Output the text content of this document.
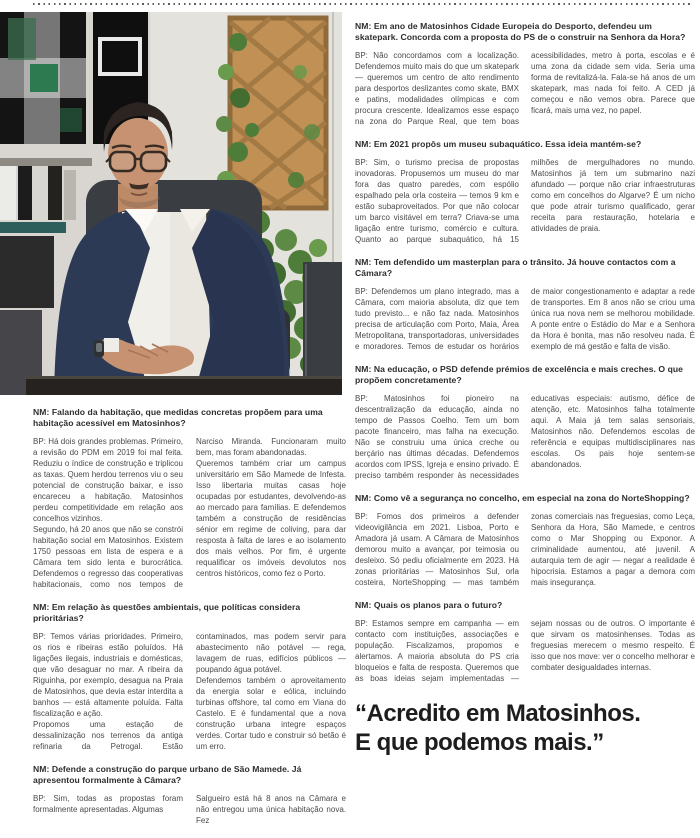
NM: Falando da habitação, que medidas concretas propõem para uma habitação acessível em Matosinhos?

BP: Há dois grandes problemas. Primeiro, a revisão do PDM em 2019 foi mal feita. Reduziu o índice de construção e triplicou as taxas. Quem herdou terrenos viu o seu potencial de construção baixar, e isso encareceu a habitação. Matosinhos perdeu competitividade em relação aos concelhos vizinhos.

Segundo, há 20 anos que não se constrói habitação social em Matosinhos. Existem 1750 pessoas em lista de espera e a Câmara tem sido lenta e burocrática. Defendemos o regresso das cooperativas habitacionais, como nos tempos de Narciso Miranda. Funcionaram muito bem, mas foram abandonadas.

Queremos também criar um campus universitário em São Mamede de Infesta. Isso libertaria muitas casas hoje ocupadas por estudantes, devolvendo-as ao mercado para famílias. E defendemos também a construção de residências sénior em regime de coliving, para dar resposta à falta de lares e ao isolamento dos mais velhos. Por fim, é urgente requalificar os imóveis devolutos nos centros históricos, como fez o Porto.

NM: Em relação às questões ambientais, que políticas considera prioritárias?

BP: Temos várias prioridades. Primeiro, os rios e ribeiras estão poluídos. Há ligações ilegais, industriais e domésticas, que vão desaguar no mar. A ribeira da Riguinha, por exemplo, desagua na Praia de Matosinhos, que devia estar interdita a banhos — está altamente poluída. Falta fiscalização e ação.

Propomos uma estação de dessalinização nos terrenos da antiga refinaria da Petrogal. Estão contaminados, mas podem servir para abastecimento não potável — rega, lavagem de ruas, edifícios públicos — poupando água potável.

Defendemos também o aproveitamento da energia solar e eólica, incluindo turbinas offshore, tal como em Viana do Castelo. E é fundamental que a nova construção urbana integre espaços verdes. Cortar tudo e construir só betão é um erro.

NM: Defende a construção do parque urbano de São Mamede. Já apresentou formalmente à Câmara?

BP: Sim, todas as propostas foram formalmente apresentadas. Algumas

Salgueiro está há 8 anos na Câmara e não entregou uma única habitação nova. Fez

NM: Em ano de Matosinhos Cidade Europeia do Desporto, defendeu um skatepark. Concorda com a proposta do PS de o construir na Senhora da Hora?

BP: Não concordamos com a localização. Defendemos muito mais do que um skatepark — queremos um centro de alto rendimento para desportos deslizantes como skate, BMX e patins, modalidades olímpicas e com procura crescente. Idealizamos esse espaço na zona do Parque Real, que tem boas acessibilidades, metro à porta, escolas e é uma zona da cidade sem vida. Seria uma forma de revitalizá-la. Fala-se há anos de um skatepark, mas nada foi feito. A CED já começou e não vemos obra. Parece que ficará, mais uma vez, no papel.

NM: Em 2021 propôs um museu subaquático. Essa ideia mantém-se?

BP: Sim, o turismo precisa de propostas inovadoras. Propusemos um museu do mar fora das quatro paredes, com espólio espalhado pela orla costeira — temos 9 km e estão subaproveitados. Por que não colocar um barco visitável em terra? Criava-se uma ligação entre turismo, comércio e cultura. Quanto ao parque subaquático, há 15 milhões de mergulhadores no mundo. Matosinhos já tem um submarino nazi afundado — porque não criar infraestruturas como em concelhos do Algarve? É um nicho que pode atrair turismo qualificado, gerar receita para restauração, hotelaria e atividades de praia.

NM: Tem defendido um masterplan para o trânsito. Já houve contactos com a Câmara?

BP: Defendemos um plano integrado, mas a Câmara, com maioria absoluta, diz que tem tudo previsto... e não faz nada. Matosinhos precisa de articulação com Porto, Maia, Área Metropolitana, transportadoras, universidades e moradores. Temos de estudar os horários de maior congestionamento e adaptar a rede de transportes. Em 8 anos não se criou uma única rua nova nem se melhorou mobilidade. A ponte entre o Estádio do Mar e a Senhora da Hora é bonita, mas não resolveu nada. É exemplo de má gestão e falta de visão.

NM: Na educação, o PSD defende prémios de excelência e mais creches. O que propõem concretamente?

BP: Matosinhos foi pioneiro na descentralização da educação, ainda no tempo de Passos Coelho. Tem um bom pacote financeiro, mas falha na execução. Não se construiu uma única creche ou berçário nas últimas décadas. Defendemos acordos com IPSS, Igreja e ensino privado. É preciso também responder às necessidades educativas especiais: autismo, défice de atenção, etc. Matosinhos falha totalmente aqui. A Maia já tem salas sensoriais, Matosinhos não. Defendemos escolas de referência e equipas multidisciplinares nas escolas. Os pais hoje sentem-se abandonados.

NM: Como vê a segurança no concelho, em especial na zona do NorteShopping?

BP: Fomos dos primeiros a defender videovigilância em 2021. Lisboa, Porto e Amadora já usam. A Câmara de Matosinhos demorou muito a avançar, por teimosia ou desleixo. Só pediu oficialmente em 2023. Há zonas prioritárias — Matosinhos Sul, orla costeira, NorteShopping — mas também zonas comerciais nas freguesias, como Leça, Senhora da Hora, São Mamede, e centros como o Mar Shopping ou Exponor. A criminalidade aumentou, até juvenil. A autarquia tem de agir — negar a realidade é hipocrisia. Estamos a pagar a demora com mais insegurança.

NM: Quais os planos para o futuro?

BP: Estamos sempre em campanha — em contacto com instituições, associações e população. Fiscalizamos, propomos e alertamos. A maioria absoluta do PS cria bloqueios e falta de resposta. Queremos que as boas ideias sejam implementadas — sejam nossas ou de outros. O importante é que sirvam os matosinhenses. Todas as freguesias merecem o mesmo respeito. É isso que nos move: ver o concelho melhorar e combater desigualdades internas.

“Acredito em Matosinhos.
E que podemos mais.”
